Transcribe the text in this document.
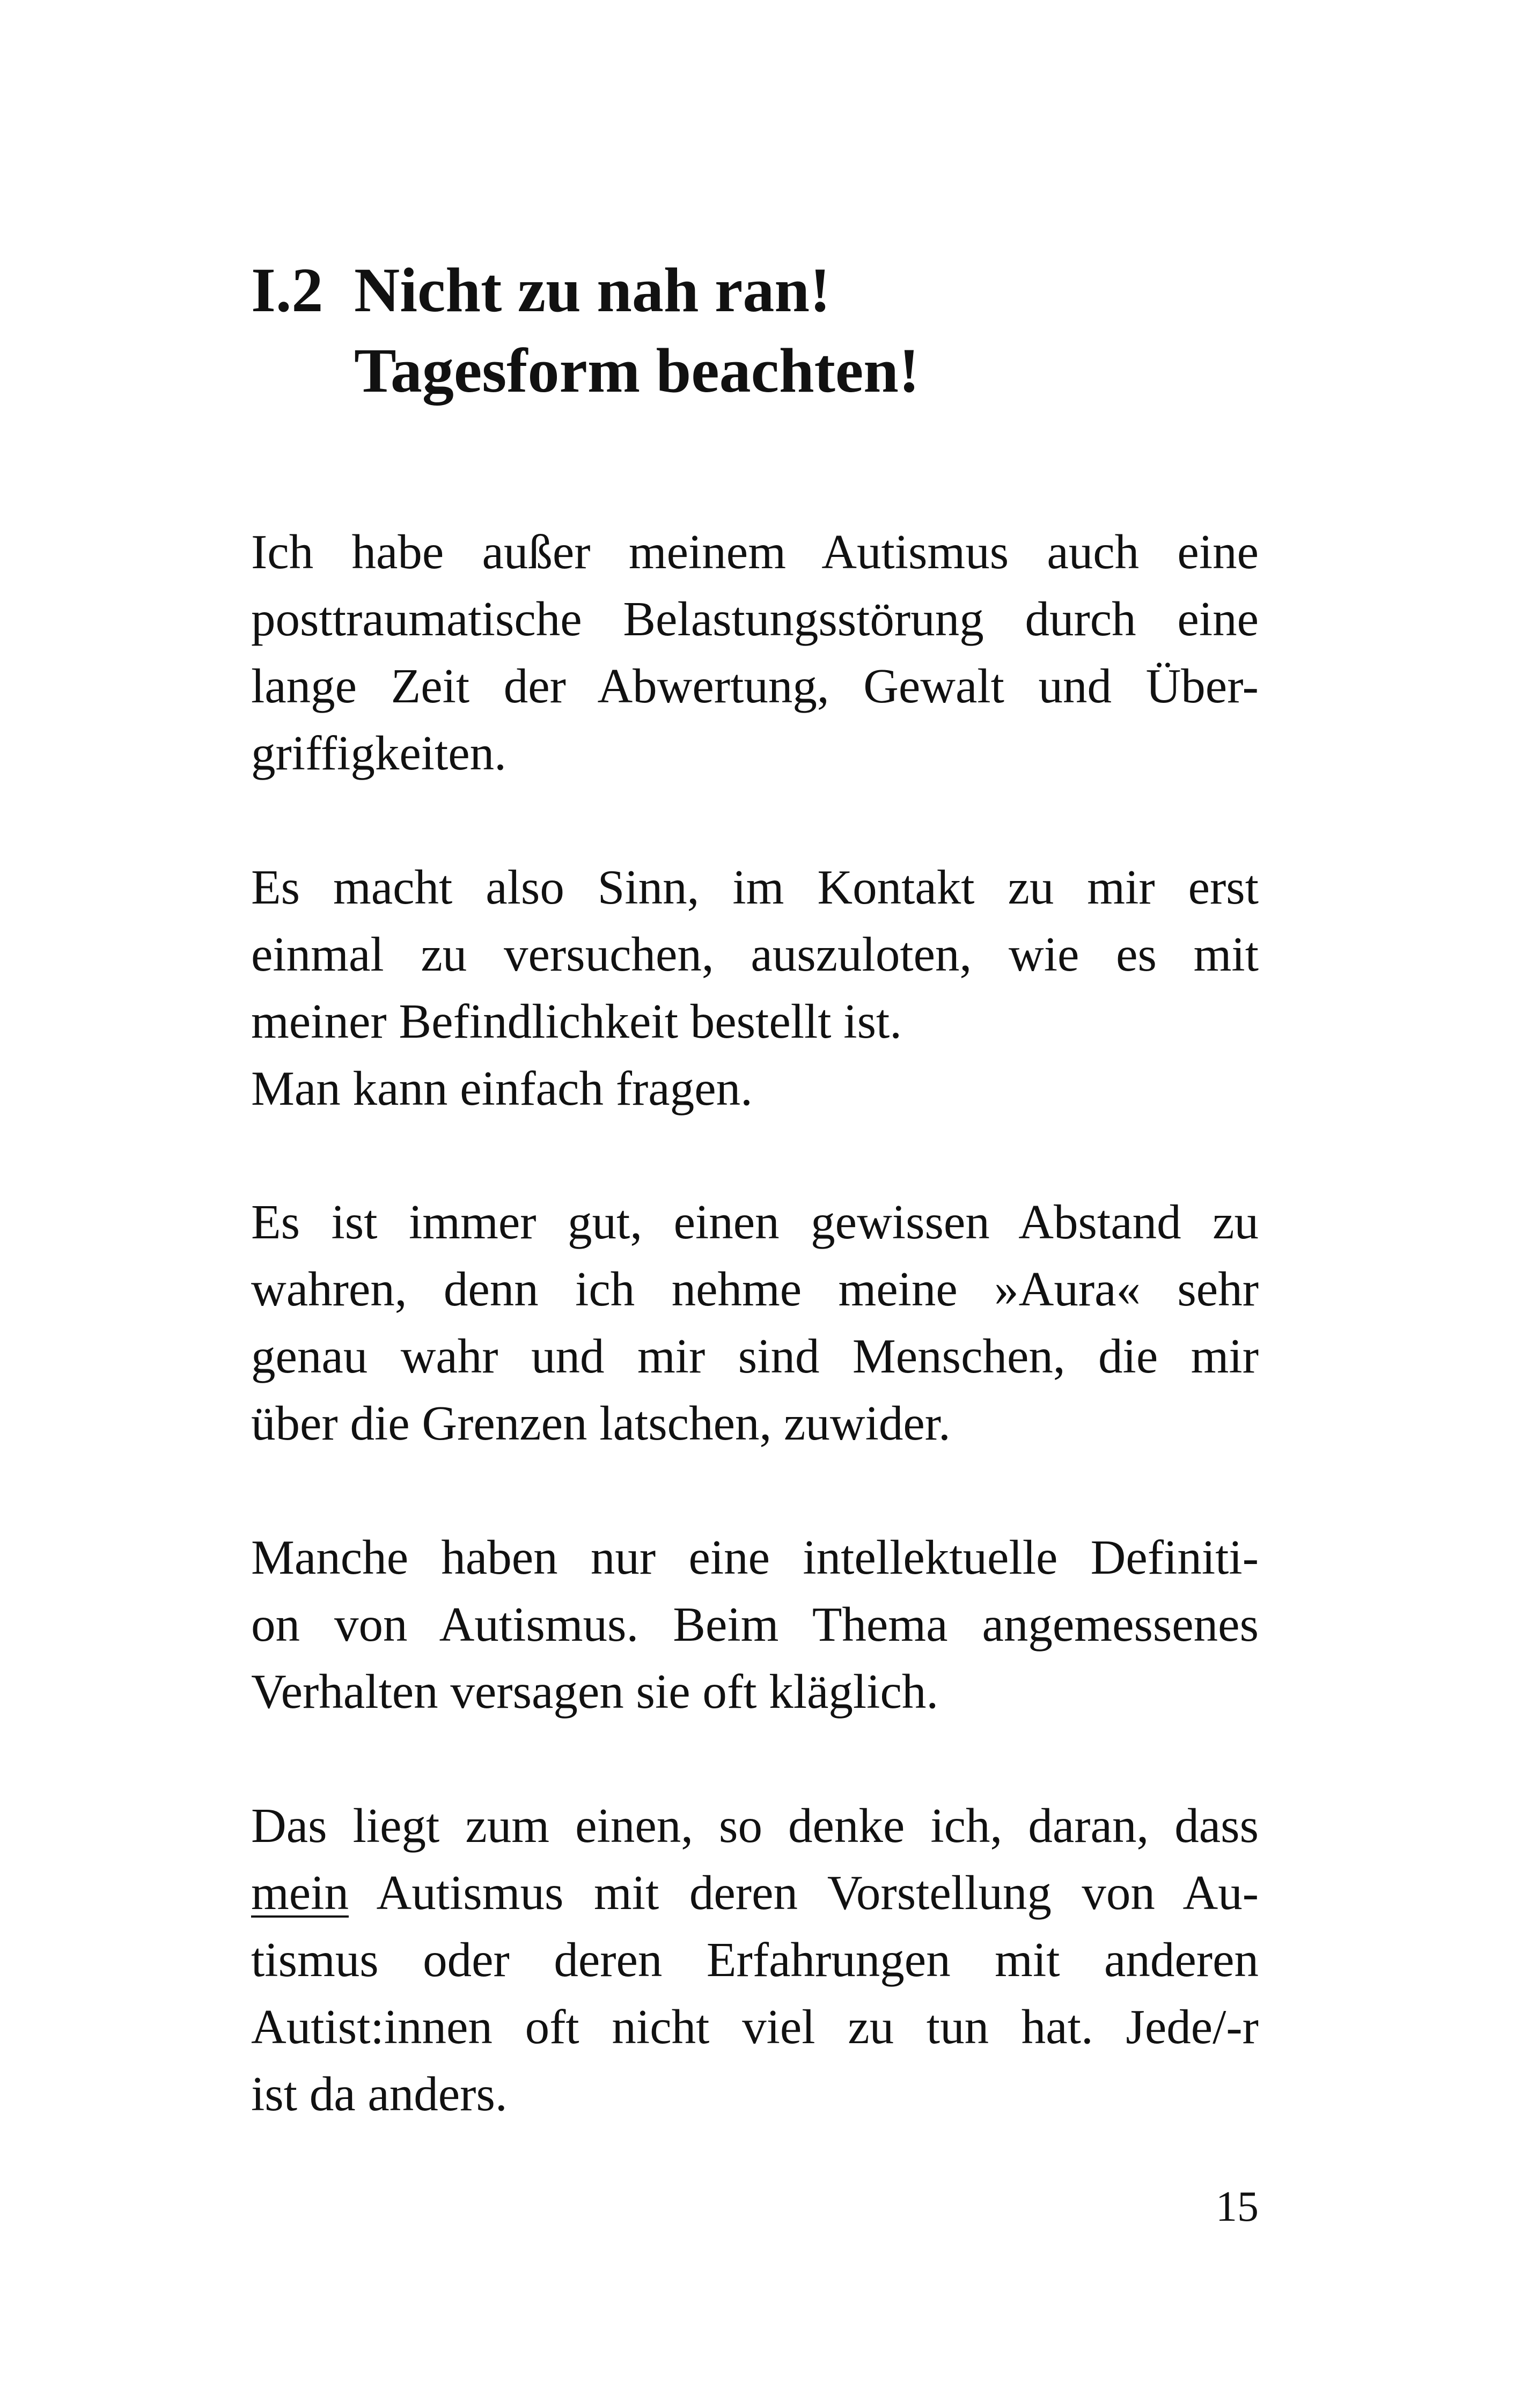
I.2 Nicht zu nah ran!
Tagesform beachten!
Ich habe außer meinem Autismus auch eine
posttraumatische Belastungsstörung durch eine
lange Zeit der Abwertung, Gewalt und Über-
griffigkeiten.
Es macht also Sinn, im Kontakt zu mir erst
einmal zu versuchen, auszuloten, wie es mit
meiner Befindlichkeit bestellt ist.
Man kann einfach fragen.
Es ist immer gut, einen gewissen Abstand zu
wahren, denn ich nehme meine »Aura« sehr
genau wahr und mir sind Menschen, die mir
über die Grenzen latschen, zuwider.
Manche haben nur eine intellektuelle Definiti-
on von Autismus. Beim Thema angemessenes
Verhalten versagen sie oft kläglich.
Das liegt zum einen, so denke ich, daran, dass
mein Autismus mit deren Vorstellung von Au-
tismus oder deren Erfahrungen mit anderen
Autist:innen oft nicht viel zu tun hat. Jede/-r
ist da anders.
15
